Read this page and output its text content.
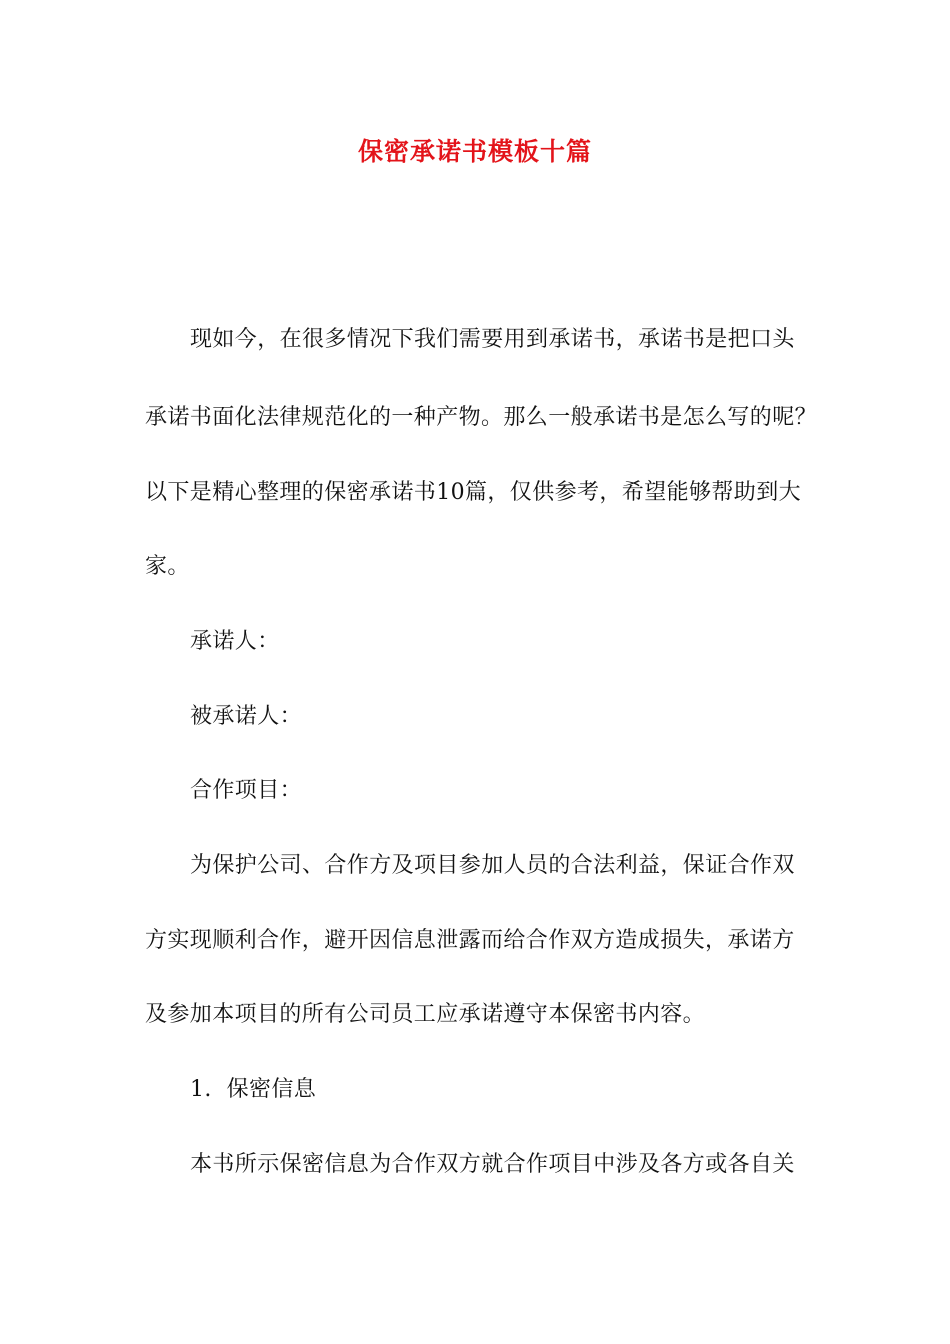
保密承诺书模板十篇
现如今，在很多情况下我们需要用到承诺书，承诺书是把口头
承诺书面化法律规范化的一种产物。那么一般承诺书是怎么写的呢？
以下是精心整理的保密承诺书10篇，仅供参考，希望能够帮助到大
家。
承诺人：
被承诺人：
合作项目：
为保护公司、合作方及项目参加人员的合法利益，保证合作双
方实现顺利合作，避开因信息泄露而给合作双方造成损失，承诺方
及参加本项目的所有公司员工应承诺遵守本保密书内容。
1.  保密信息
本书所示保密信息为合作双方就合作项目中涉及各方或各自关
